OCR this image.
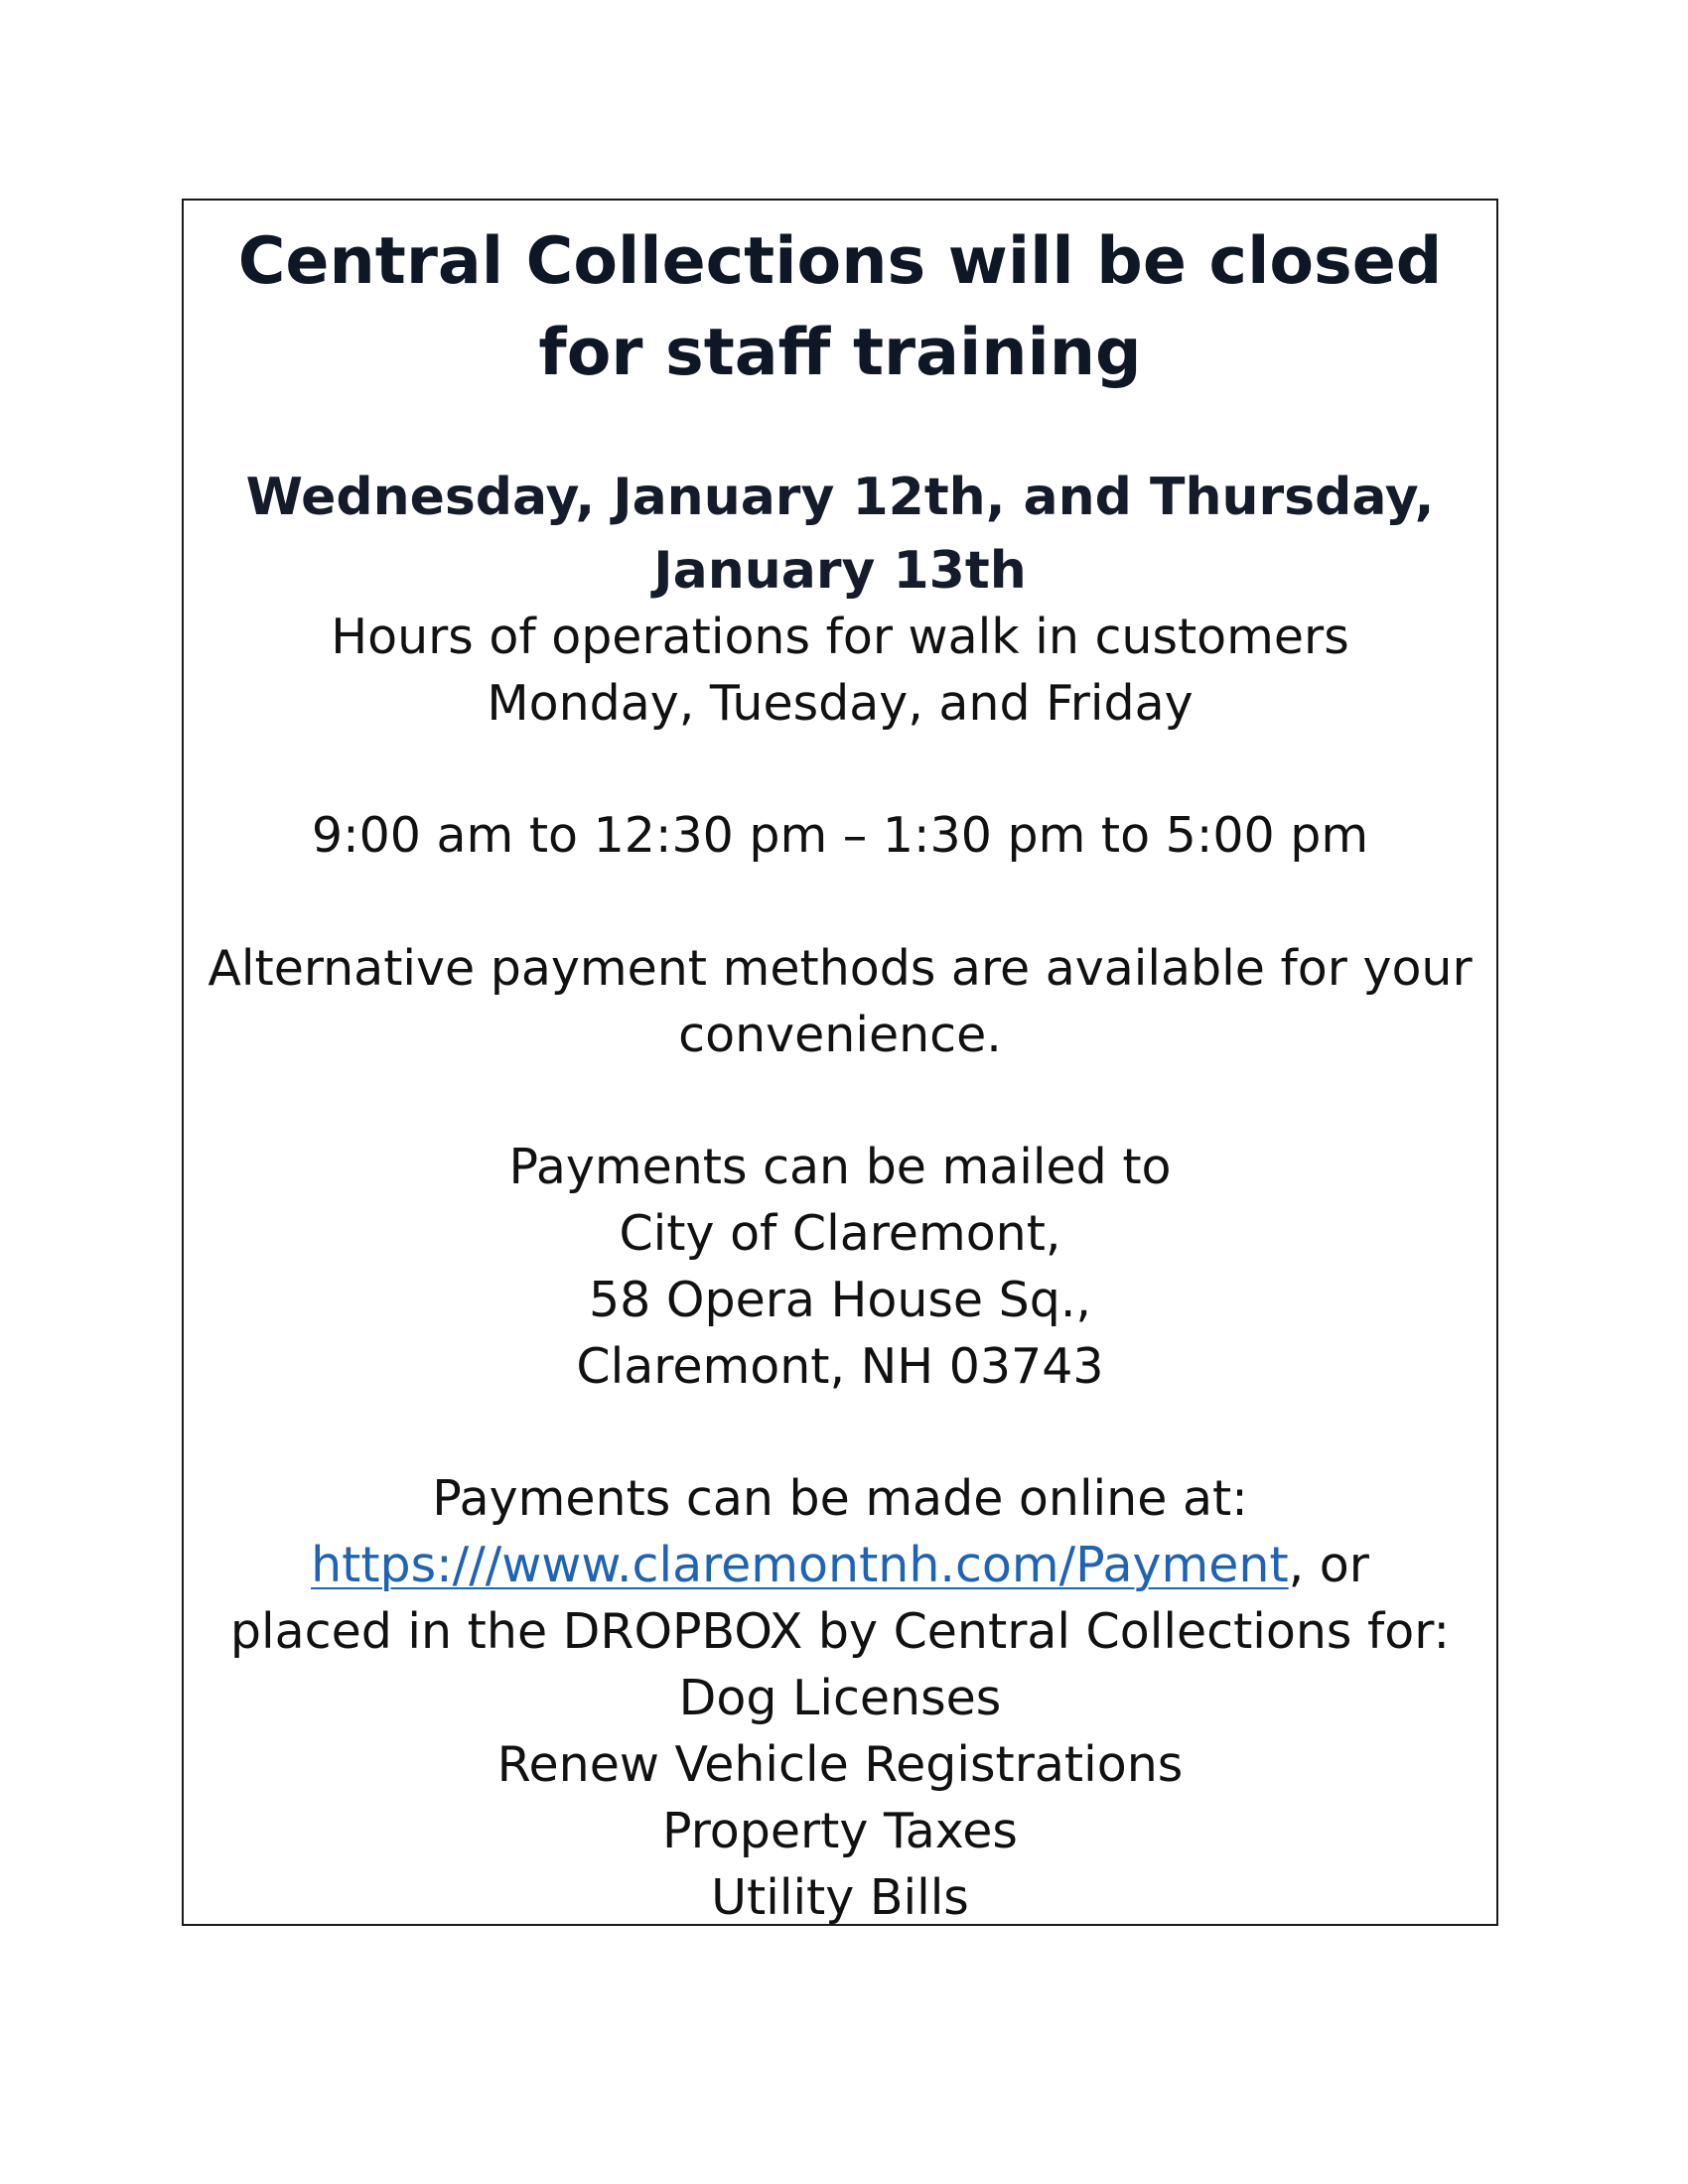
Central Collections will be closed
for staff training
Wednesday, January 12th, and Thursday,
January 13th

Hours of operations for walk in customers
Monday, Tuesday, and Friday

9:00 am to 12:30 pm – 1:30 pm to 5:00 pm

Alternative payment methods are available for your
convenience.

Payments can be mailed to
City of Claremont,
58 Opera House Sq.,
Claremont, NH 03743

Payments can be made online at:
https:///www.claremontnh.com/Payment, or
placed in the DROPBOX by Central Collections for:
Dog Licenses
Renew Vehicle Registrations
Property Taxes
Utility Bills
